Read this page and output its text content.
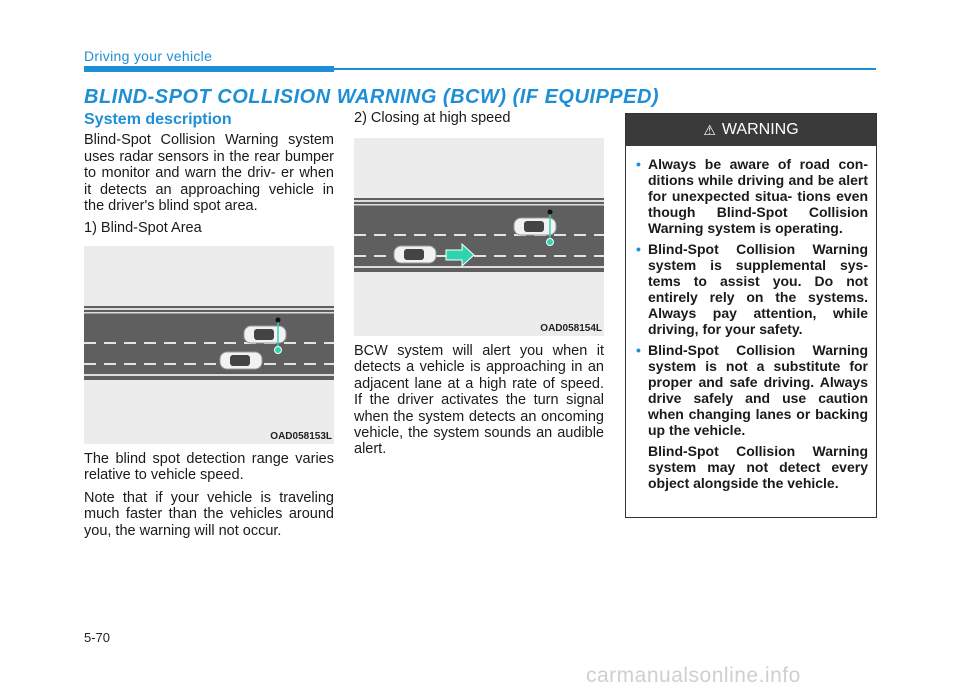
Driving your vehicle
BLIND-SPOT COLLISION WARNING (BCW) (IF EQUIPPED)
System description

Blind-Spot Collision Warning system uses radar sensors in the rear bumper to monitor and warn the driv- er when it detects an approaching vehicle in the driver's blind spot area.

1) Blind-Spot Area

OAD058153L

The blind spot detection range varies relative to vehicle speed.

Note that if your vehicle is traveling much faster than the vehicles around you, the warning will not occur.

2) Closing at high speed

OAD058154L

BCW system will alert you when it detects a vehicle is approaching in an adjacent lane at a high rate of speed. If the driver activates the turn signal when the system detects an oncoming vehicle, the system sounds an audible alert.

⚠ WARNING
• Always be aware of road con- ditions while driving and be alert for unexpected situa- tions even though Blind-Spot Collision Warning system is operating.
• Blind-Spot Collision Warning system is supplemental sys- tems to assist you. Do not entirely rely on the systems. Always pay attention, while driving, for your safety.
• Blind-Spot Collision Warning system is not a substitute for proper and safe driving. Always drive safely and use caution when changing lanes or backing up the vehicle.
Blind-Spot Collision Warning system may not detect every object alongside the vehicle.
5-70
carmanualsonline.info
